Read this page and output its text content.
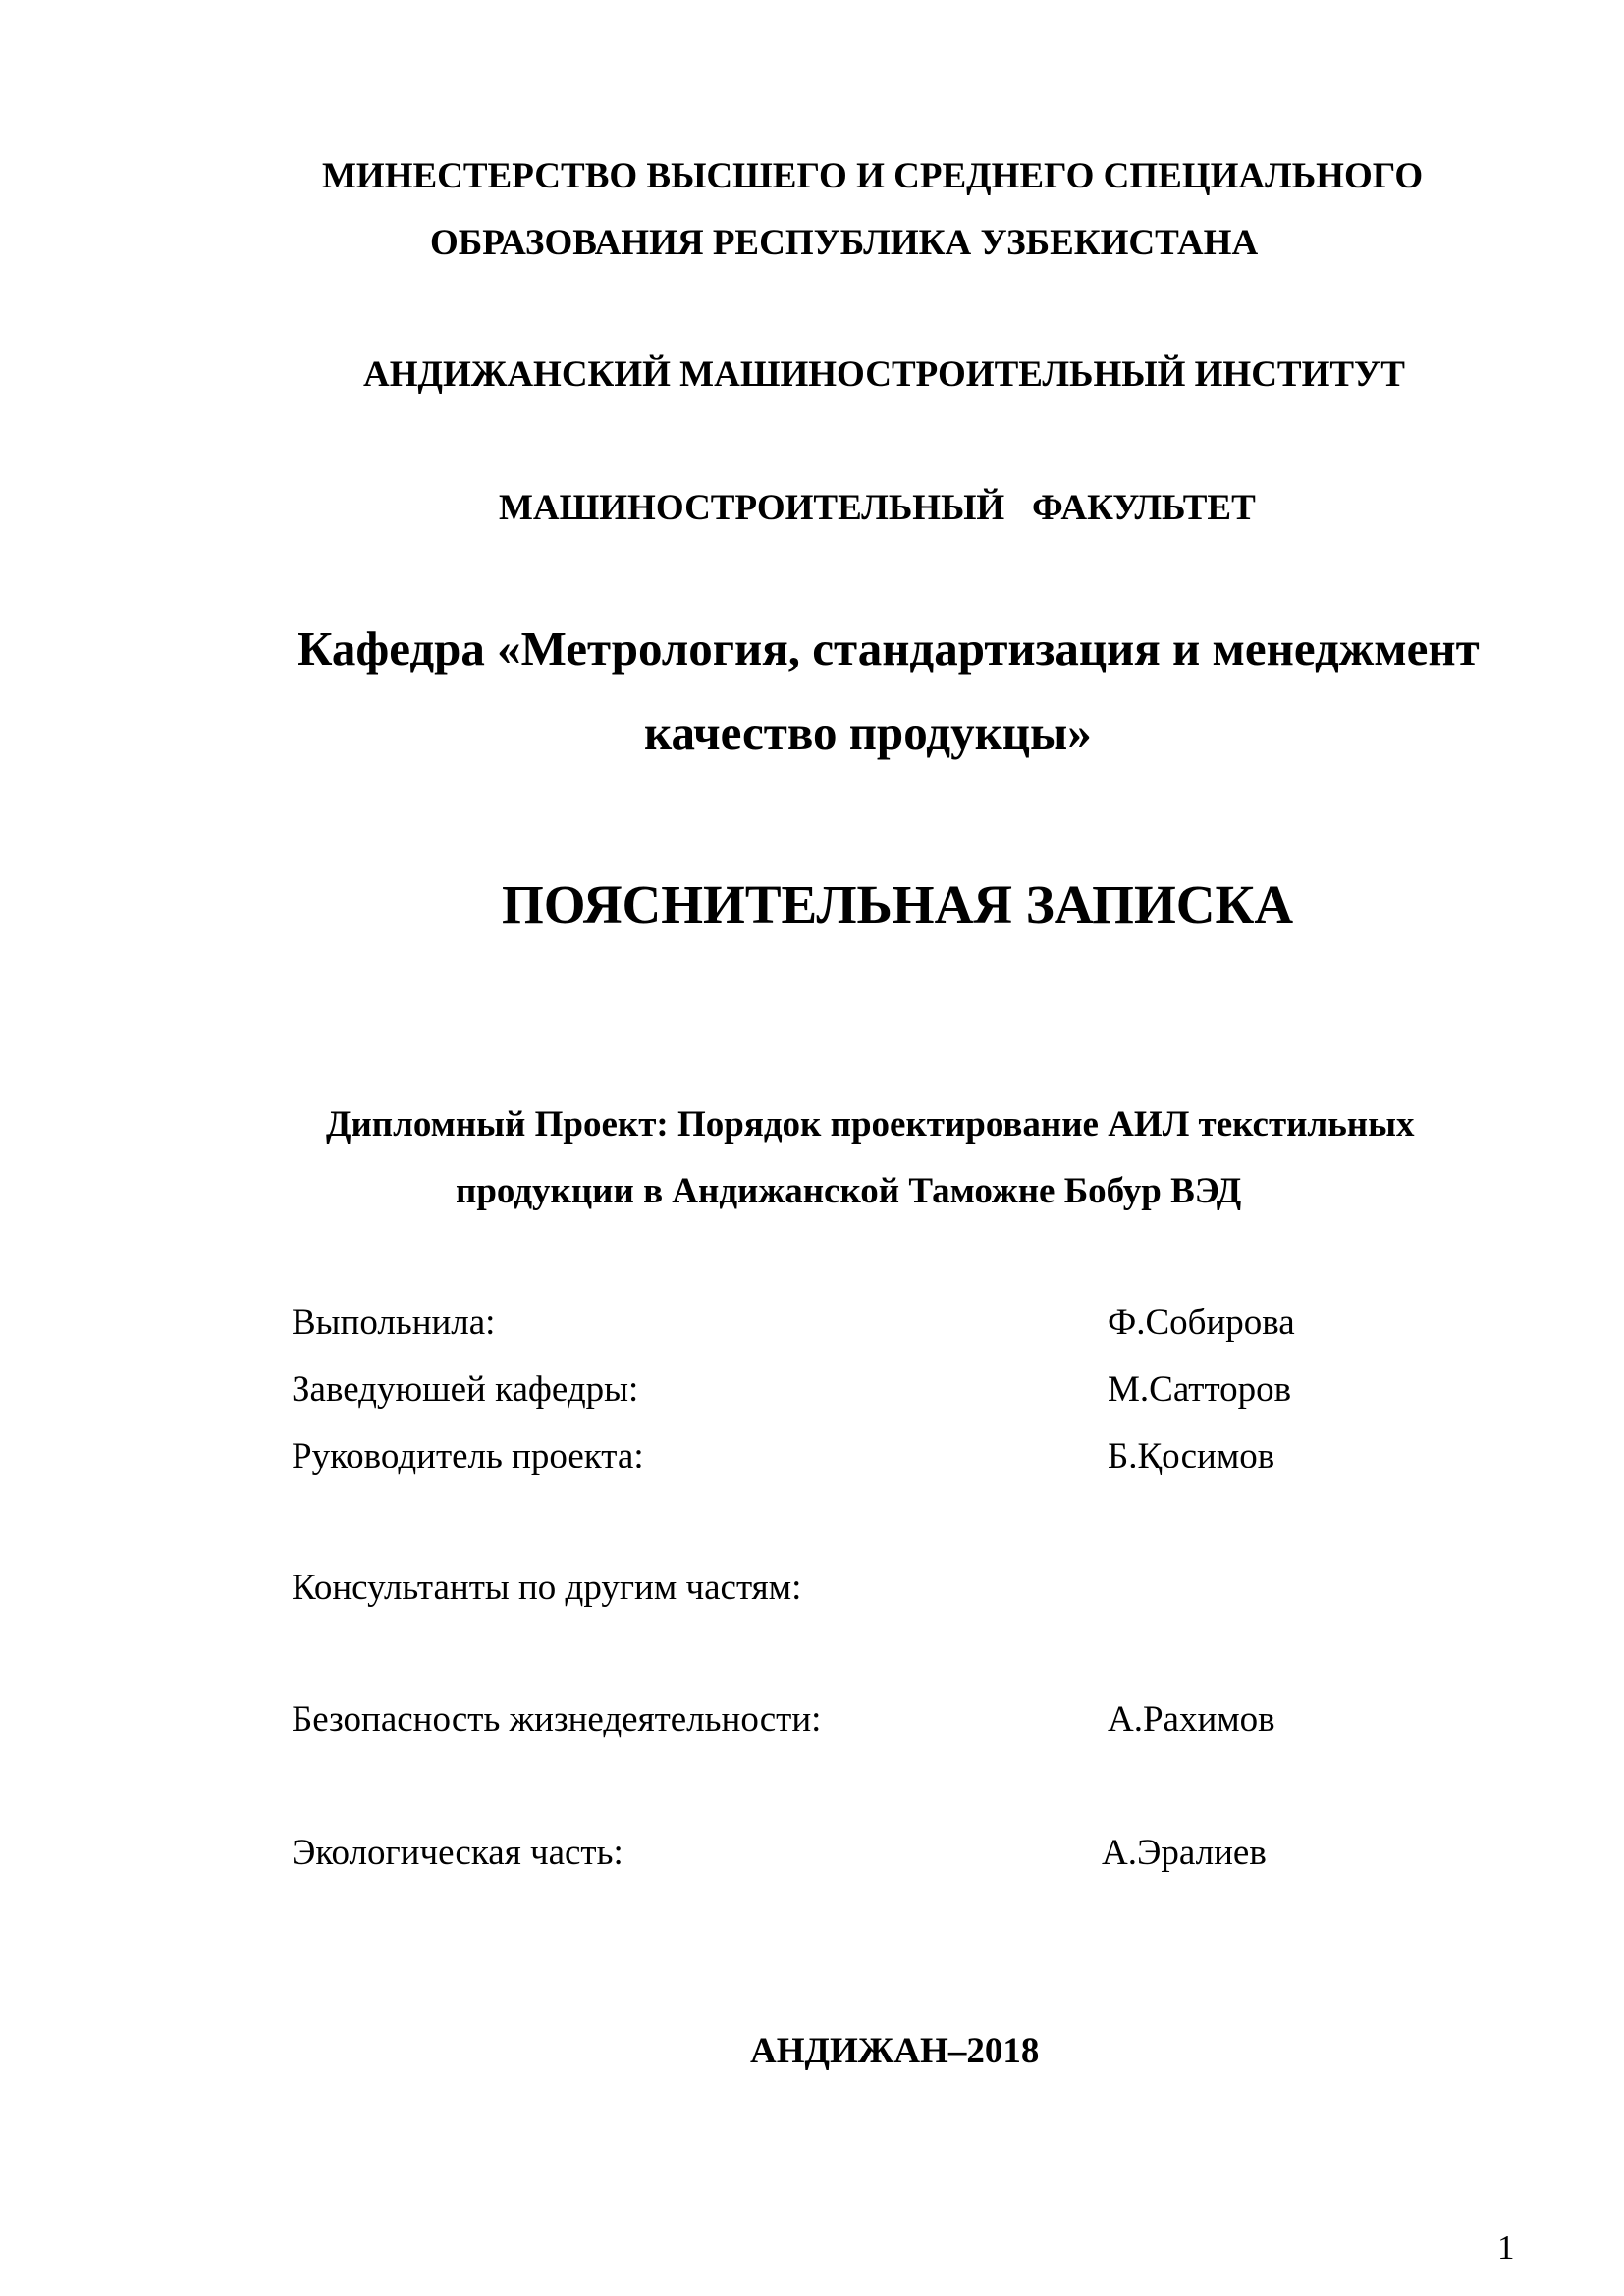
МИНЕСТЕРСТВО ВЫСШЕГО И СРЕДНЕГО СПЕЦИАЛЬНОГО

ОБРАЗОВАНИЯ РЕСПУБЛИКА УЗБЕКИСТАНА

АНДИЖАНСКИЙ МАШИНОСТРОИТЕЛЬНЫЙ ИНСТИТУТ

МАШИНОСТРОИТЕЛЬНЫЙ   ФАКУЛЬТЕТ

Кафедра «Метрология, стандартизация и менеджмент

качество продукцы»

ПОЯСНИТЕЛЬНАЯ ЗАПИСКА

Дипломный Проект: Порядок проектирование АИЛ текстильных

продукции в Андижанской Таможне Бобур ВЭД

Выпольнила:	Ф.Собирова

Заведуюшей кафедры:	М.Сатторов

Руководитель проекта:	Б.Қосимов

Консультанты по другим частям:

Безопасность жизнедеятельности:	А.Рахимов

Экологическая часть:	А.Эралиев

АНДИЖАН–2018

1
